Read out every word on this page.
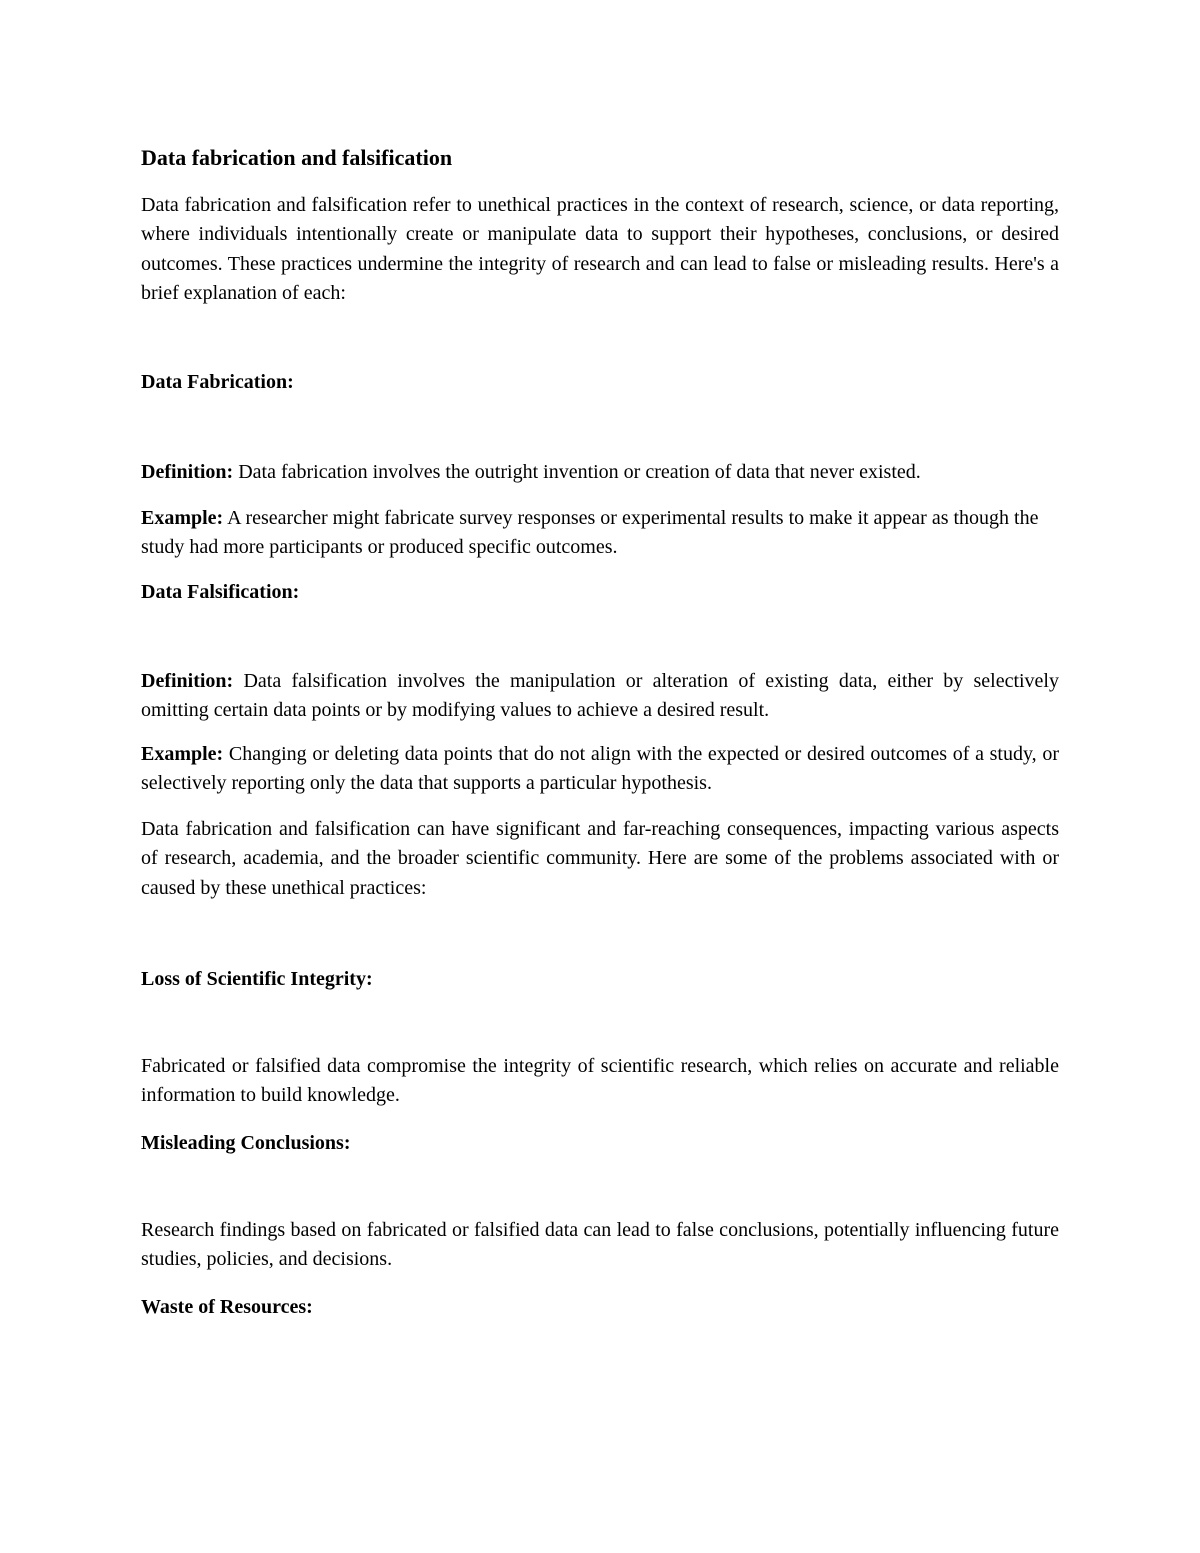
Data fabrication and falsification

Data fabrication and falsification refer to unethical practices in the context of research, science, or data reporting, where individuals intentionally create or manipulate data to support their hypotheses, conclusions, or desired outcomes. These practices undermine the integrity of research and can lead to false or misleading results. Here's a brief explanation of each:

Data Fabrication:

Definition: Data fabrication involves the outright invention or creation of data that never existed.

Example: A researcher might fabricate survey responses or experimental results to make it appear as though the study had more participants or produced specific outcomes.

Data Falsification:

Definition: Data falsification involves the manipulation or alteration of existing data, either by selectively omitting certain data points or by modifying values to achieve a desired result.

Example: Changing or deleting data points that do not align with the expected or desired outcomes of a study, or selectively reporting only the data that supports a particular hypothesis.

Data fabrication and falsification can have significant and far-reaching consequences, impacting various aspects of research, academia, and the broader scientific community. Here are some of the problems associated with or caused by these unethical practices:

Loss of Scientific Integrity:

Fabricated or falsified data compromise the integrity of scientific research, which relies on accurate and reliable information to build knowledge.

Misleading Conclusions:

Research findings based on fabricated or falsified data can lead to false conclusions, potentially influencing future studies, policies, and decisions.

Waste of Resources:
